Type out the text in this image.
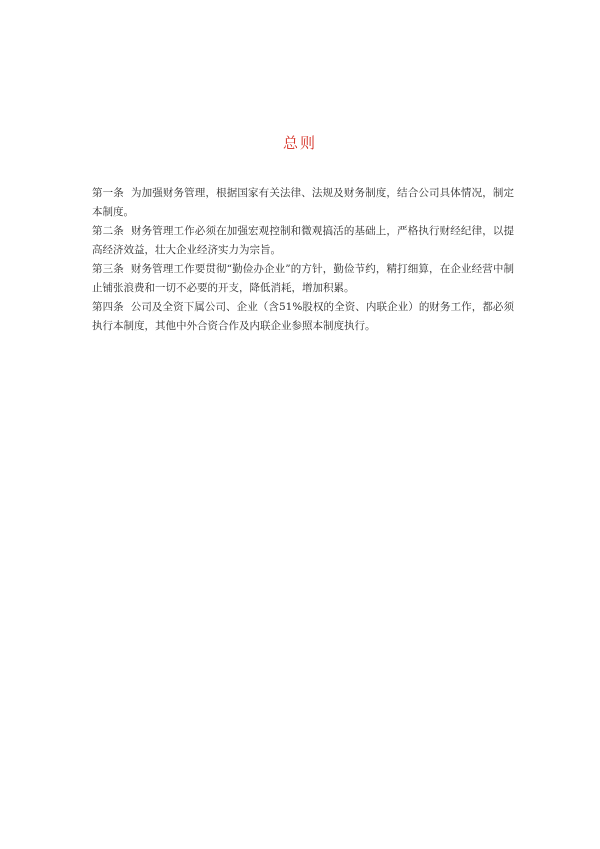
总则

第一条 为加强财务管理，根据国家有关法律、法规及财务制度，结合公司具体情况，制定本制度。

第二条 财务管理工作必须在加强宏观控制和微观搞活的基础上，严格执行财经纪律，以提高经济效益，壮大企业经济实力为宗旨。

第三条 财务管理工作要贯彻“勤俭办企业”的方针，勤俭节约，精打细算，在企业经营中制止铺张浪费和一切不必要的开支，降低消耗，增加积累。

第四条 公司及全资下属公司、企业（含51%股权的全资、内联企业）的财务工作，都必须执行本制度，其他中外合资合作及内联企业参照本制度执行。
